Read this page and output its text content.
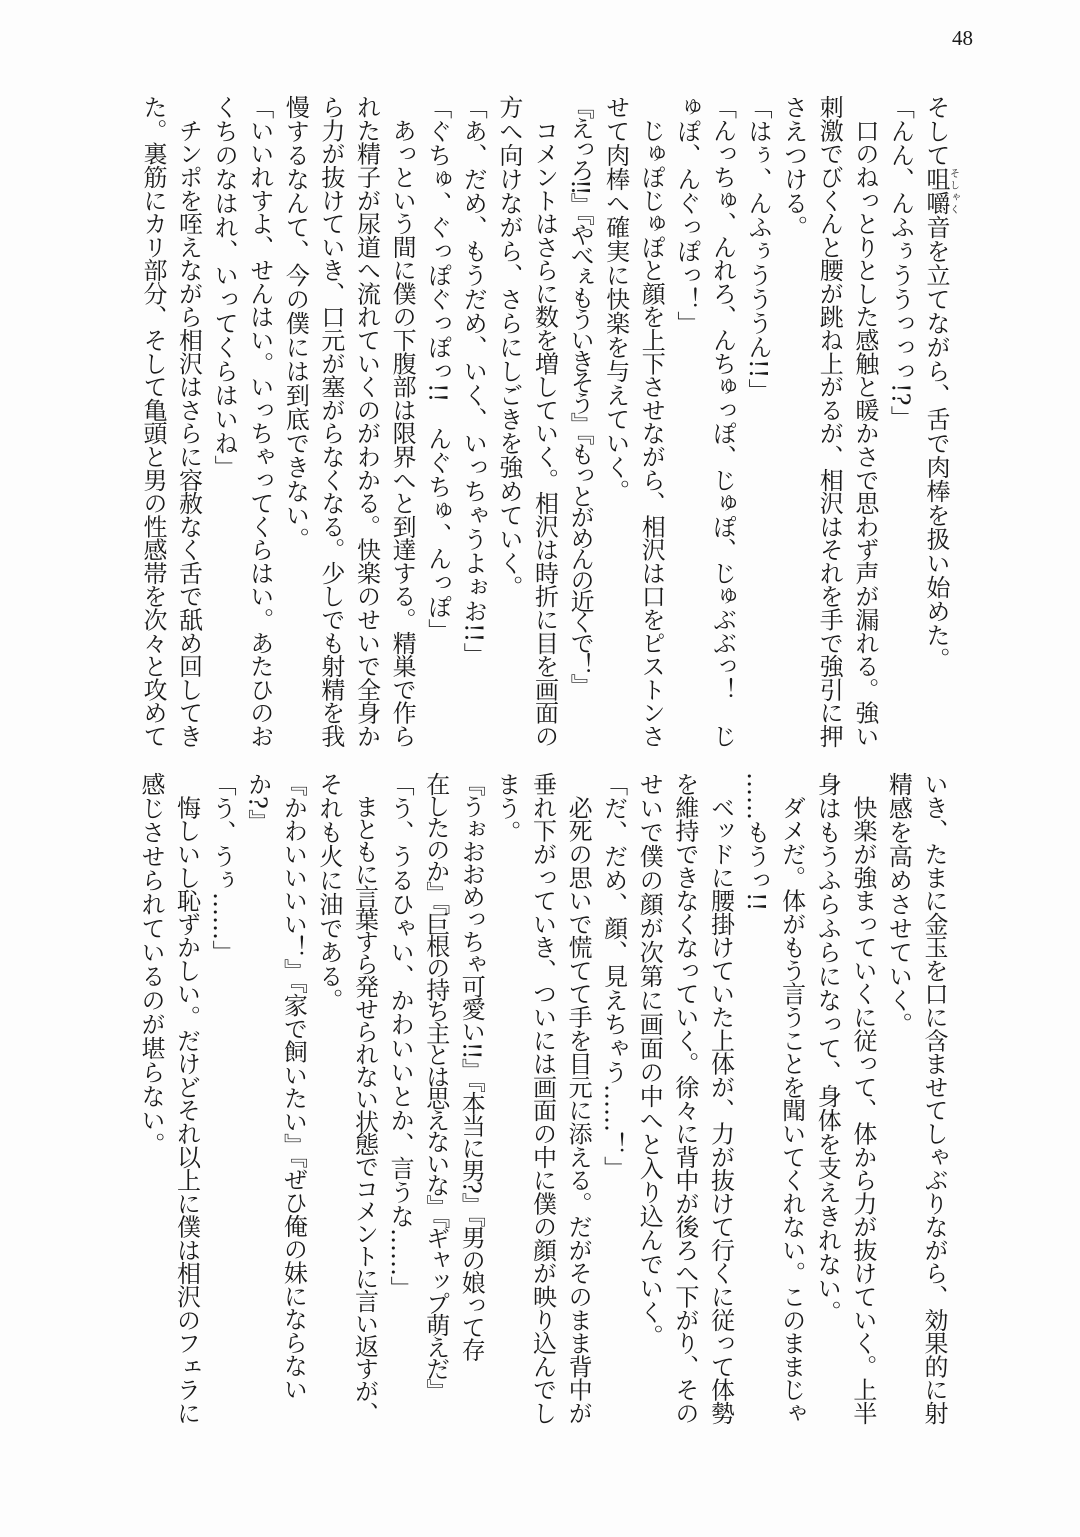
48
そして咀嚼そしゃく音を立てながら、舌で肉棒を扱い始めた。
「んん、んふぅううっっっ!?」
　口のねっとりとした感触と暖かさで思わず声が漏れる。強い
刺激でびくんと腰が跳ね上がるが、相沢はそれを手で強引に押
さえつける。
「はぅ、んふぅうううん!!」
「んっちゅ、んれろ、んちゅっぽ、じゅぽ、じゅぶぶっ！　じ
ゅぽ、んぐっぽっ！」
　じゅぽじゅぽと顔を上下させながら、相沢は口をピストンさ
せて肉棒へ確実に快楽を与えていく。
『えっろ!!』『やべぇもういきそう』『もっとがめんの近くで！』
　コメントはさらに数を増していく。相沢は時折に目を画面の
方へ向けながら、さらにしごきを強めていく。
「あ、だめ、もうだめ、いく、いっちゃうよぉお!!」
「ぐちゅ、ぐっぽぐっぽっ!!　んぐちゅ、んっぽ」
　あっという間に僕の下腹部は限界へと到達する。精巣で作ら
れた精子が尿道へ流れていくのがわかる。快楽のせいで全身か
ら力が抜けていき、口元が塞がらなくなる。少しでも射精を我
慢するなんて、今の僕には到底できない。
「いいれすよ、せんはい。いっちゃってくらはい。あたひのお
くちのなはれ、いってくらはいね」
　チンポを咥えながら相沢はさらに容赦なく舌で舐め回してき
た。裏筋にカリ部分、そして亀頭と男の性感帯を次々と攻めて
いき、たまに金玉を口に含ませてしゃぶりながら、効果的に射
精感を高めさせていく。
　快楽が強まっていくに従って、体から力が抜けていく。上半
身はもうふらふらになって、身体を支えきれない。
　ダメだ。体がもう言うことを聞いてくれない。このままじゃ
……もうっ!!
　ベッドに腰掛けていた上体が、力が抜けて行くに従って体勢
を維持できなくなっていく。徐々に背中が後ろへ下がり、その
せいで僕の顔が次第に画面の中へと入り込んでいく。
「だ、だめ、顔、見えちゃう……！」
　必死の思いで慌てて手を目元に添える。だがそのまま背中が
垂れ下がっていき、ついには画面の中に僕の顔が映り込んでし
まう。
『うぉおおめっちゃ可愛い!!』『本当に男?』『男の娘って存
在したのか』『巨根の持ち主とは思えないな』『ギャップ萌えだ』
「う、うるひゃい、かわいいとか、言うな……」
　まともに言葉すら発せられない状態でコメントに言い返すが、
それも火に油である。
『かわいいいい！』『家で飼いたい』『ぜひ俺の妹にならない
か?』
「う、うぅ……」
　悔しいし恥ずかしい。だけどそれ以上に僕は相沢のフェラに
感じさせられているのが堪らない。
